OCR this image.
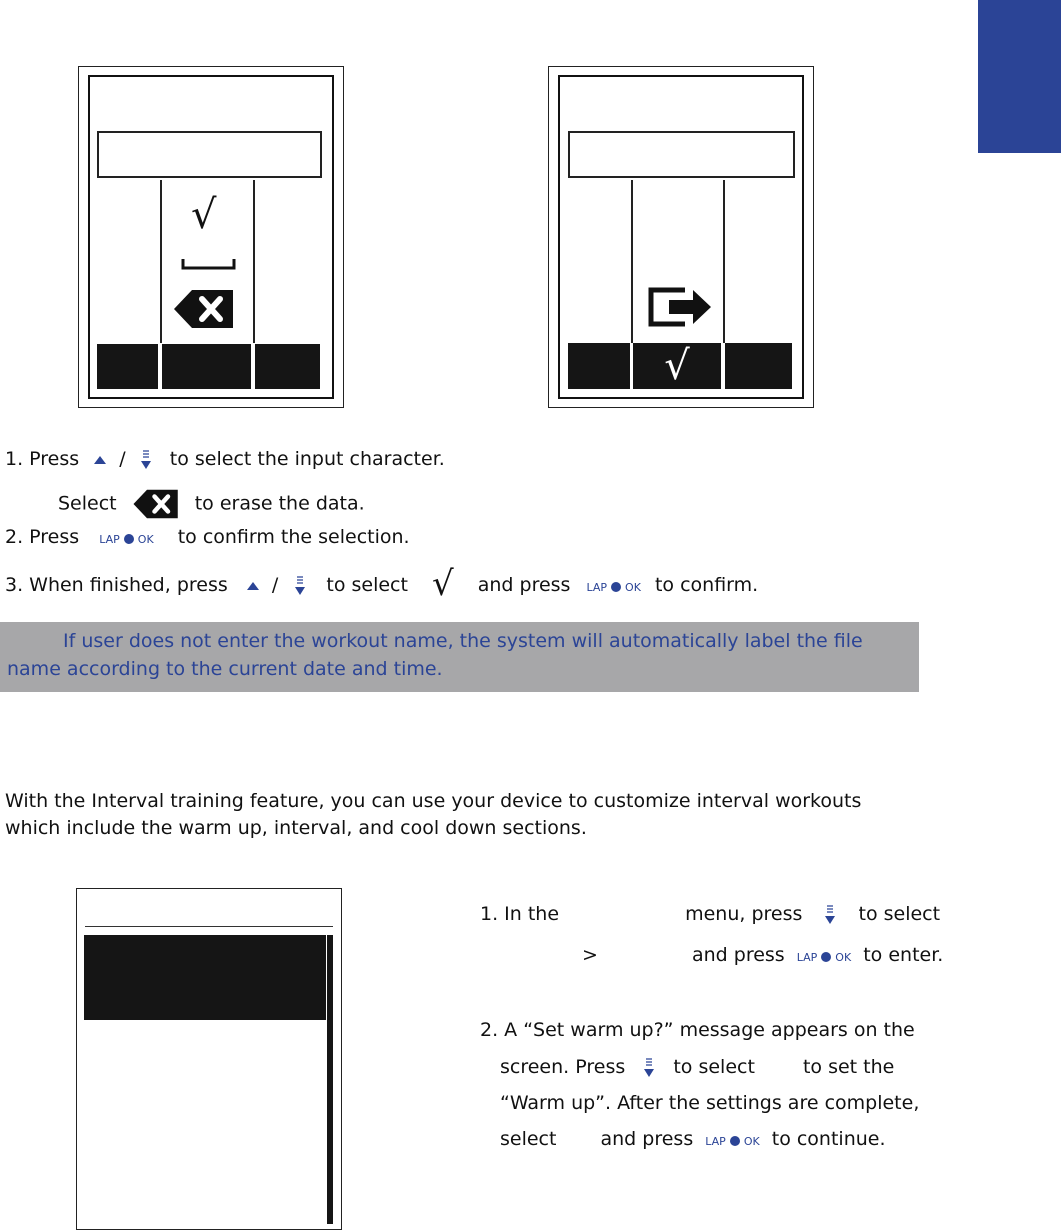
√
√
1. Press / to select the input character.
Select	to erase the data.
2. Press LAP OK to confirm the selection.
3. When finished, press /	to select √ and press LAP OK to confirm.
If user does not enter the workout name, the system will automatically label the file
name according to the current date and time.
With the Interval training feature, you can use your device to customize interval workouts
which include the warm up, interval, and cool down sections.
1. In the	menu, press	to select
>	and press LAP OK to enter.
2. A “Set warm up?” message appears on the
screen. Press	to select	to set the
“Warm up”. After the settings are complete,
select and press LAP OK to continue.
